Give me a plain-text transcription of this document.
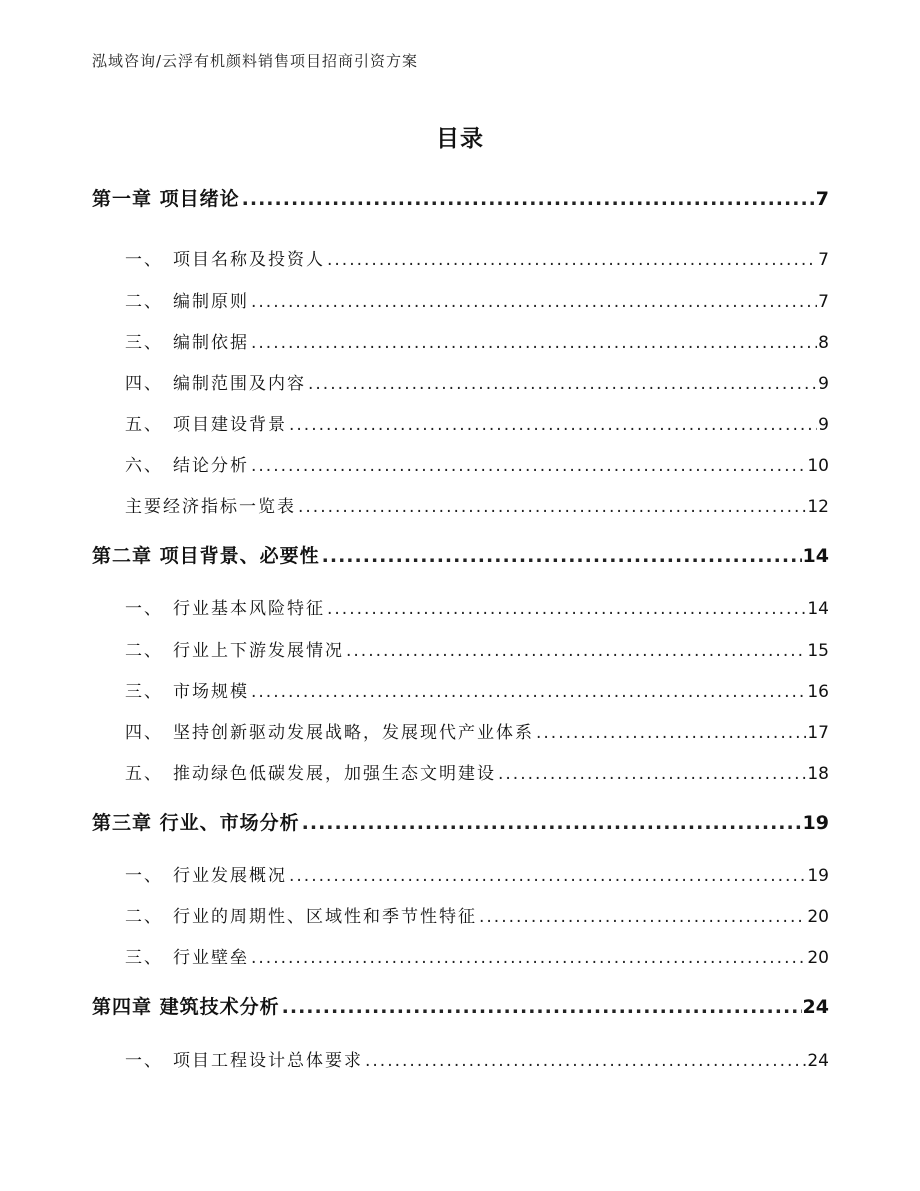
泓域咨询/云浮有机颜料销售项目招商引资方案
目录
第一章 项目绪论 .....	7
一、 项目名称及投资人 .....	7
二、 编制原则 .....	7
三、 编制依据 .....	8
四、 编制范围及内容 .....	9
五、 项目建设背景 .....	9
六、 结论分析 .....	10
主要经济指标一览表 .....	12
第二章 项目背景、必要性 .....	14
一、 行业基本风险特征 .....	14
二、 行业上下游发展情况 .....	15
三、 市场规模 .....	16
四、 坚持创新驱动发展战略，发展现代产业体系 .....	17
五、 推动绿色低碳发展，加强生态文明建设 .....	18
第三章 行业、市场分析 .....	19
一、 行业发展概况 .....	19
二、 行业的周期性、区域性和季节性特征 .....	20
三、 行业壁垒 .....	20
第四章 建筑技术分析 .....	24
一、 项目工程设计总体要求 .....	24
